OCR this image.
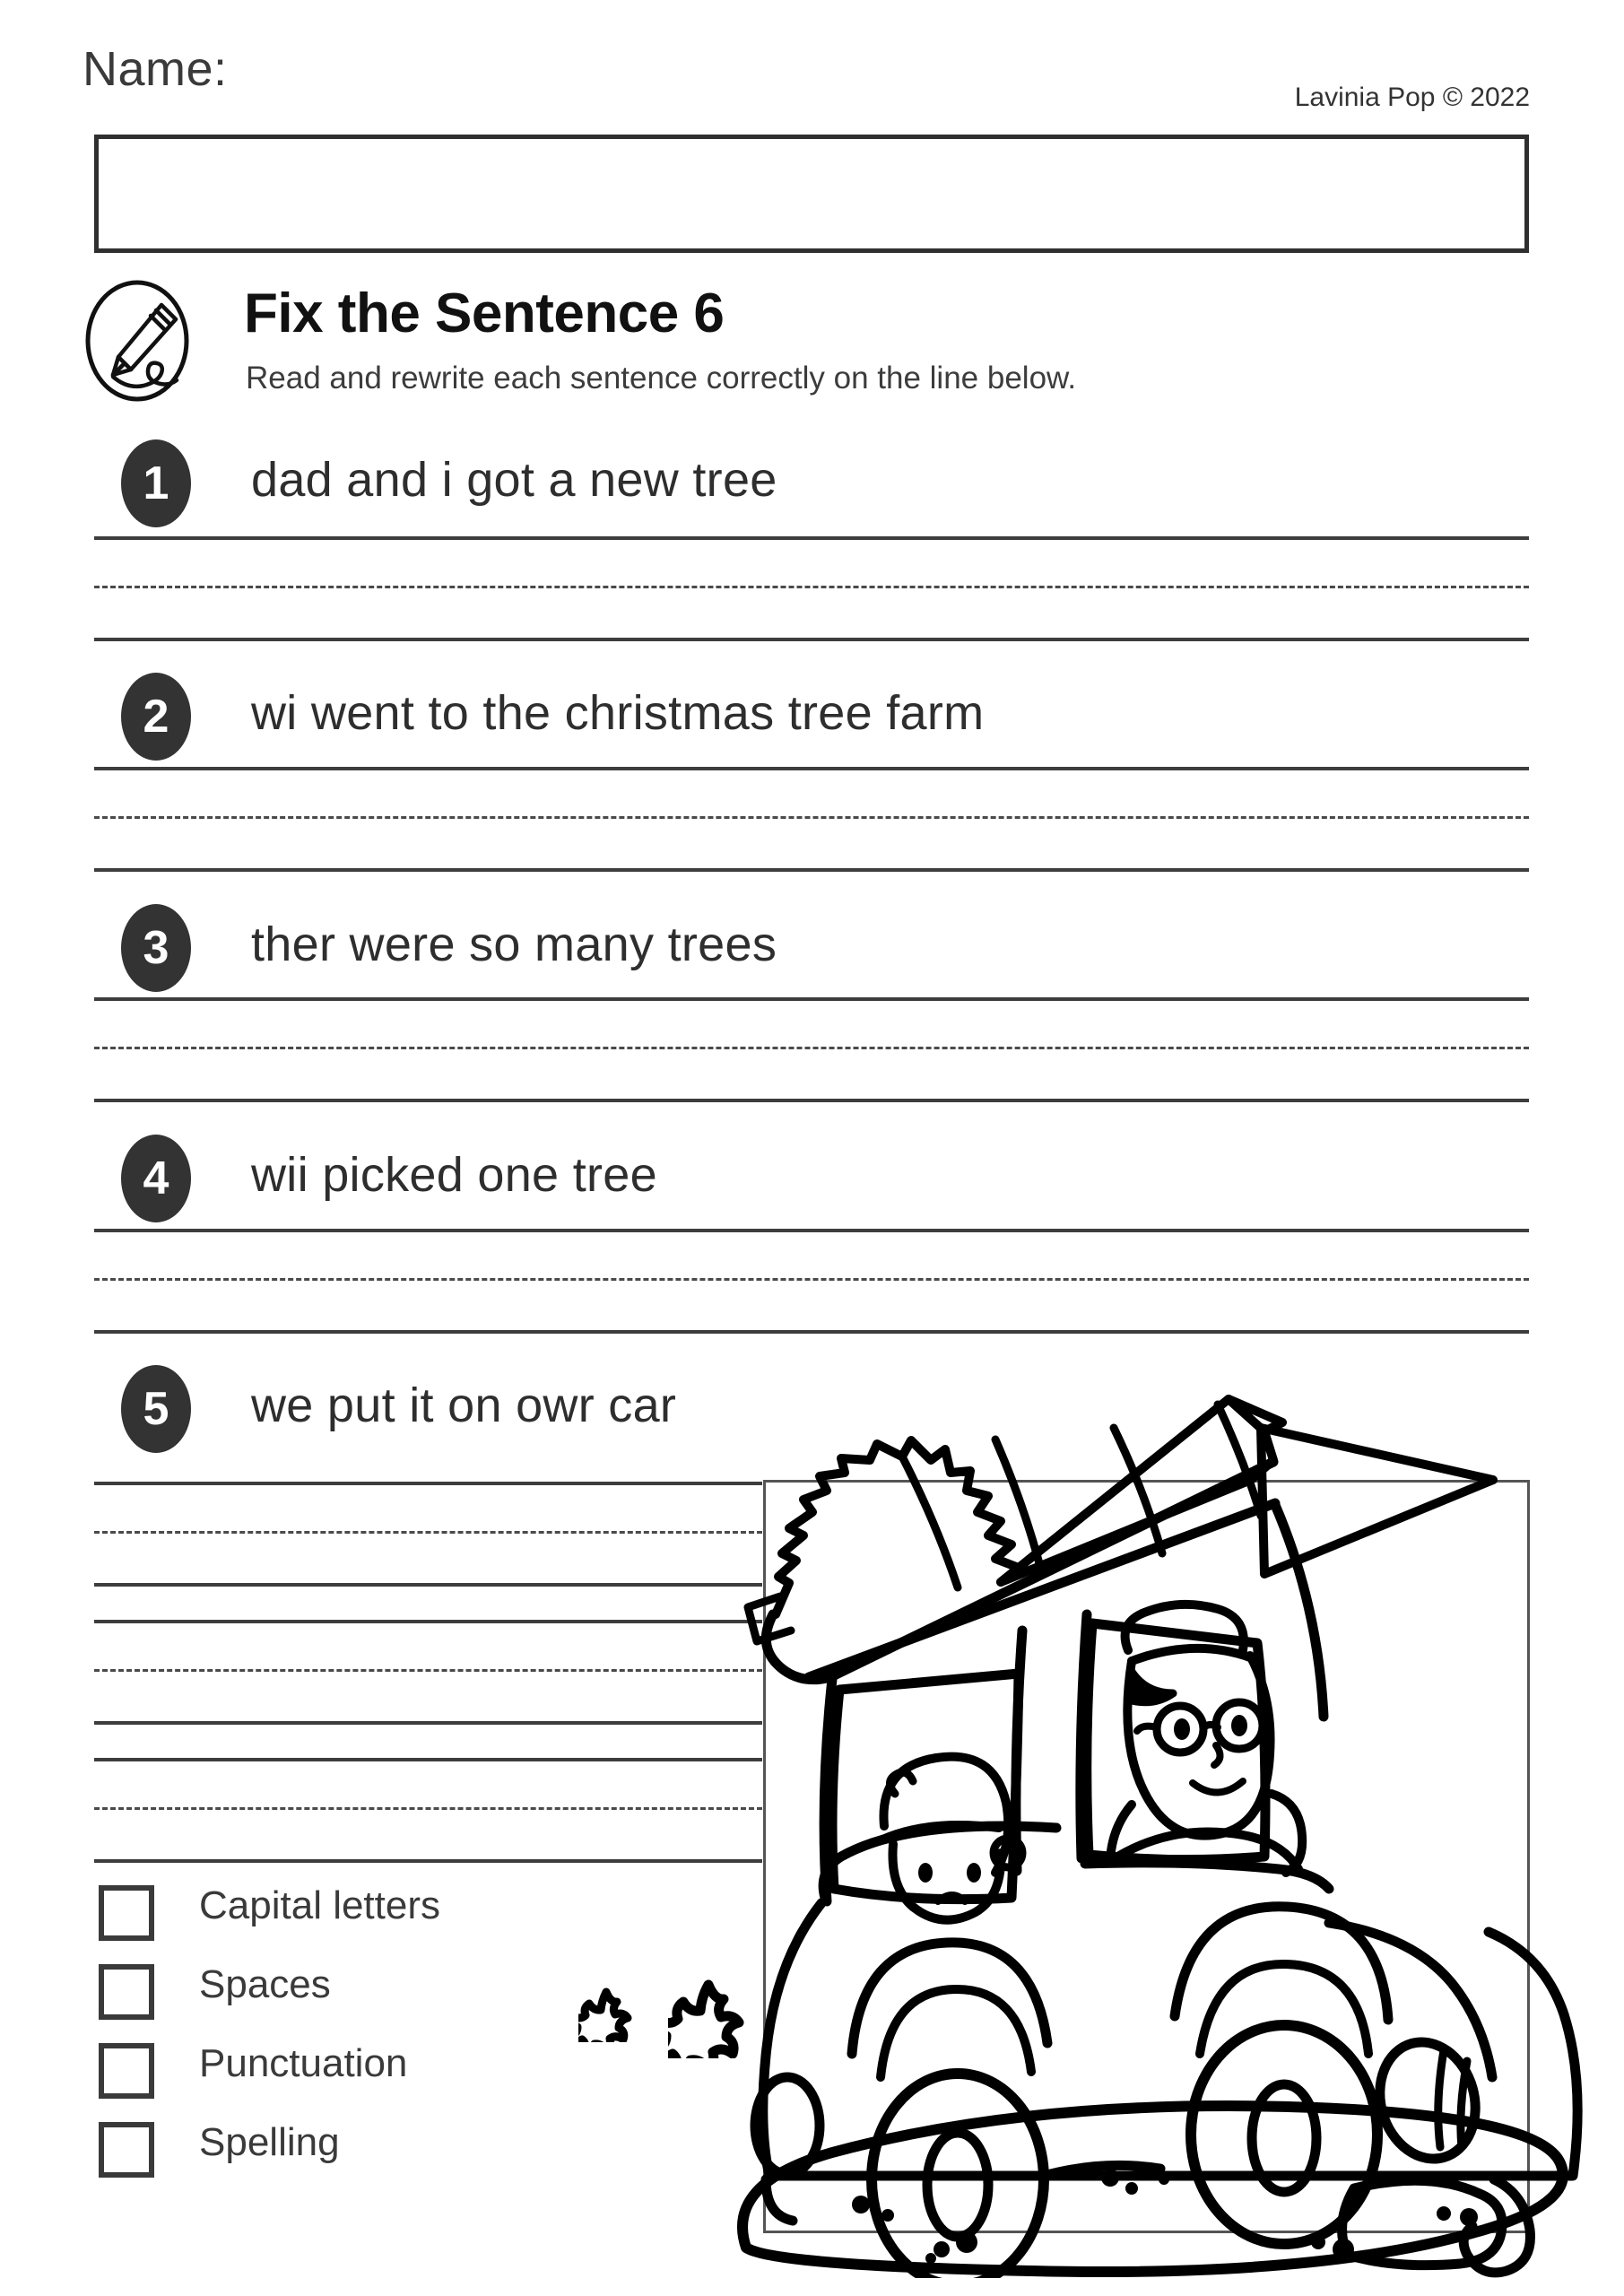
Name:
Lavinia Pop © 2022
Fix the Sentence 6
Read and rewrite each sentence correctly on the line below.
1	dad and i got a new tree
2	wi went to the christmas tree farm
3	ther were so many trees
4	wii picked one tree
5	we put it on owr car
Capital letters
Spaces
Punctuation
Spelling
